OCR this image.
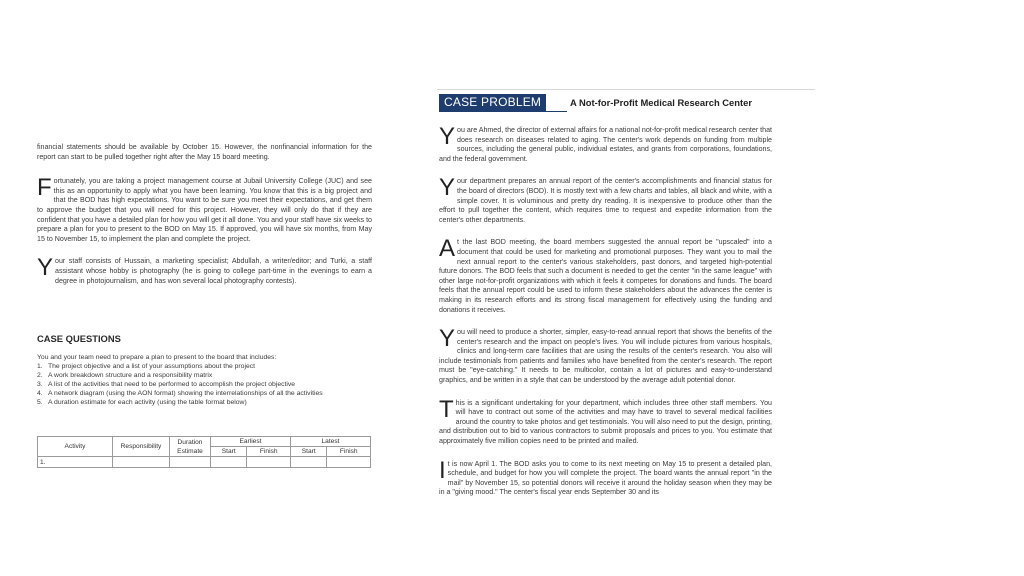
financial statements should be available by October 15. However, the nonfinancial information for the report can start to be pulled together right after the May 15 board meeting.

Fortunately, you are taking a project management course at Jubail University College (JUC) and see this as an opportunity to apply what you have been learning. You know that this is a big project and that the BOD has high expectations. You want to be sure you meet their expectations, and get them to approve the budget that you will need for this project. However, they will only do that if they are confident that you have a detailed plan for how you will get it all done. You and your staff have six weeks to prepare a plan for you to present to the BOD on May 15. If approved, you will have six months, from May 15 to November 15, to implement the plan and complete the project.

Your staff consists of Hussain, a marketing specialist; Abdullah, a writer/editor; and Turki, a staff assistant whose hobby is photography (he is going to college part-time in the evenings to earn a degree in photojournalism, and has won several local photography contests).

CASE QUESTIONS
You and your team need to prepare a plan to present to the board that includes:
1. The project objective and a list of your assumptions about the project
2. A work breakdown structure and a responsibility matrix
3. A list of the activities that need to be performed to accomplish the project objective
4. A network diagram (using the AON format) showing the interrelationships of all the activities
5. A duration estimate for each activity (using the table format below)
Activity	Responsibility	Duration Estimate	Earliest		Latest	
			Start	Finish	Start	Finish
1.						
CASE PROBLEM	A Not-for-Profit Medical Research Center

You are Ahmed, the director of external affairs for a national not-for-profit medical research center that does research on diseases related to aging. The center's work depends on funding from multiple sources, including the general public, individual estates, and grants from corporations, foundations, and the federal government.

Your department prepares an annual report of the center's accomplishments and financial status for the board of directors (BOD). It is mostly text with a few charts and tables, all black and white, with a simple cover. It is voluminous and pretty dry reading. It is inexpensive to produce other than the effort to pull together the content, which requires time to request and expedite information from the center's other departments.

At the last BOD meeting, the board members suggested the annual report be "upscaled" into a document that could be used for marketing and promotional purposes. They want you to mail the next annual report to the center's various stakeholders, past donors, and targeted high-potential future donors. The BOD feels that such a document is needed to get the center "in the same league" with other large not-for-profit organizations with which it feels it competes for donations and funds. The board feels that the annual report could be used to inform these stakeholders about the advances the center is making in its research efforts and its strong fiscal management for effectively using the funding and donations it receives.

You will need to produce a shorter, simpler, easy-to-read annual report that shows the benefits of the center's research and the impact on people's lives. You will include pictures from various hospitals, clinics and long-term care facilities that are using the results of the center's research. You also will include testimonials from patients and families who have benefited from the center's research. The report must be "eye-catching." It needs to be multicolor, contain a lot of pictures and easy-to-understand graphics, and be written in a style that can be understood by the average adult potential donor.

This is a significant undertaking for your department, which includes three other staff members. You will have to contract out some of the activities and may have to travel to several medical facilities around the country to take photos and get testimonials. You will also need to put the design, printing, and distribution out to bid to various contractors to submit proposals and prices to you. You estimate that approximately five million copies need to be printed and mailed.

It is now April 1. The BOD asks you to come to its next meeting on May 15 to present a detailed plan, schedule, and budget for how you will complete the project. The board wants the annual report "in the mail" by November 15, so potential donors will receive it around the holiday season when they may be in a "giving mood." The center's fiscal year ends September 30 and its
